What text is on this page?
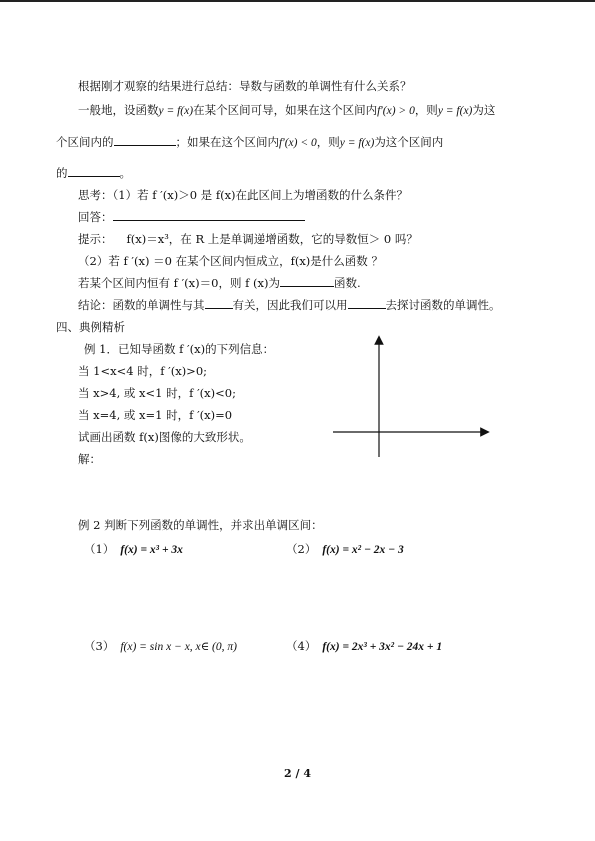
根据刚才观察的结果进行总结：导数与函数的单调性有什么关系？
一般地，设函数y = f(x)在某个区间可导，如果在这个区间内f′(x) > 0，则y = f(x)为这
个区间内的	；如果在这个区间内f′(x) < 0，则y = f(x)为这个区间内
的	。
思考：（1）若 f ′(x)＞0 是 f(x)在此区间上为增函数的什么条件？
回答：
提示： f(x)＝x³，在 R 上是单调递增函数，它的导数恒＞ 0 吗？
（2）若 f ′(x) ＝0 在某个区间内恒成立，f(x)是什么函数 ？
若某个区间内恒有 f ′(x)＝0，则 f (x)为	函数.
结论：函数的单调性与其 有关，因此我们可以用	去探讨函数的单调性。
四、典例精析
例 1．已知导函数 f ′(x)的下列信息：
当 1<x<4 时，f ′(x)>0;
当 x>4, 或 x<1 时，f ′(x)<0;
当 x=4, 或 x=1 时，f ′(x)=0
试画出函数 f(x)图像的大致形状。
解：
例 2 判断下列函数的单调性，并求出单调区间：
（1） f(x) = x³ + 3x	（2） f(x) = x² − 2x − 3
（3） f(x) = sin x − x, x∈ (0, π)	（4） f(x) = 2x³ + 3x² − 24x + 1
2 / 4
